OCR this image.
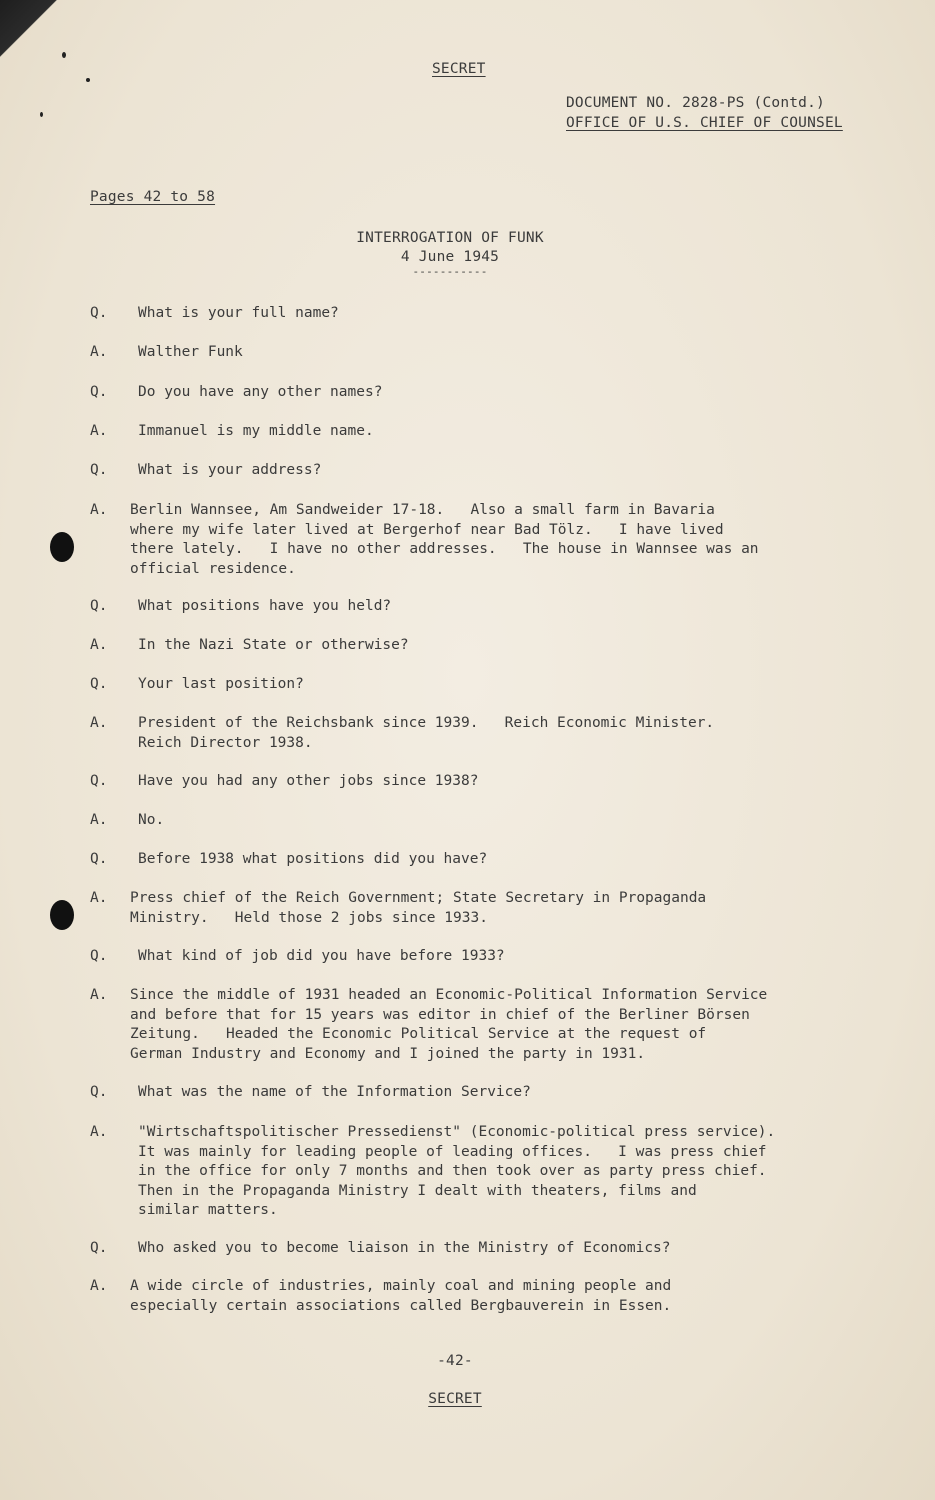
SECRET
DOCUMENT NO. 2828-PS (Contd.)
OFFICE OF U.S. CHIEF OF COUNSEL
Pages 42 to 58
INTERROGATION OF FUNK
4 June 1945
-----------
Q.	What is your full name?
A.	Walther Funk
Q.	Do you have any other names?
A.	Immanuel is my middle name.
Q.	What is your address?
A.	Berlin Wannsee, Am Sandweider 17-18.   Also a small farm in Bavaria
where my wife later lived at Bergerhof near Bad Tölz.   I have lived
there lately.   I have no other addresses.   The house in Wannsee was an
official residence.
Q.	What positions have you held?
A.	In the Nazi State or otherwise?
Q.	Your last position?
A.	President of the Reichsbank since 1939.   Reich Economic Minister.
Reich Director 1938.
Q.	Have you had any other jobs since 1938?
A.	No.
Q.	Before 1938 what positions did you have?
A.	Press chief of the Reich Government; State Secretary in Propaganda
Ministry.   Held those 2 jobs since 1933.
Q.	What kind of job did you have before 1933?
A.	Since the middle of 1931 headed an Economic-Political Information Service
and before that for 15 years was editor in chief of the Berliner Börsen
Zeitung.   Headed the Economic Political Service at the request of
German Industry and Economy and I joined the party in 1931.
Q.	What was the name of the Information Service?
A.	"Wirtschaftspolitischer Pressedienst" (Economic-political press service).
It was mainly for leading people of leading offices.   I was press chief
in the office for only 7 months and then took over as party press chief.
Then in the Propaganda Ministry I dealt with theaters, films and
similar matters.
Q.	Who asked you to become liaison in the Ministry of Economics?
A.	A wide circle of industries, mainly coal and mining people and
especially certain associations called Bergbauverein in Essen.
-42-
SECRET
